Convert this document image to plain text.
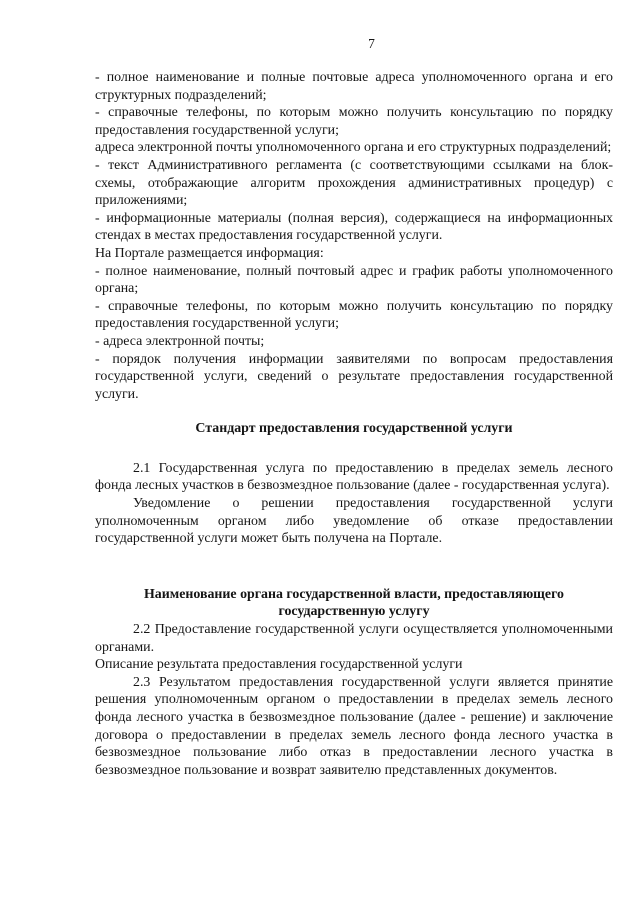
7

- полное наименование и полные почтовые адреса уполномоченного органа и его структурных подразделений;

- справочные телефоны, по которым можно получить консультацию по порядку предоставления государственной услуги;

адреса электронной почты уполномоченного органа и его структурных подразделений;

- текст Административного регламента (с соответствующими ссылками на блок-схемы, отображающие алгоритм прохождения административных процедур) с приложениями;

- информационные материалы (полная версия), содержащиеся на информационных стендах в местах предоставления государственной услуги.

На Портале размещается информация:

- полное наименование, полный почтовый адрес и график работы уполномоченного органа;

- справочные телефоны, по которым можно получить консультацию по порядку предоставления государственной услуги;

- адреса электронной почты;

- порядок получения информации заявителями по вопросам предоставления государственной услуги, сведений о результате предоставления государственной услуги.

Стандарт предоставления государственной услуги

2.1 Государственная услуга по предоставлению в пределах земель лесного фонда лесных участков в безвозмездное пользование (далее - государственная услуга).

Уведомление о решении предоставления государственной услуги уполномоченным органом либо уведомление об отказе предоставлении государственной услуги может быть получена на Портале.

Наименование органа государственной власти, предоставляющего государственную услугу

2.2 Предоставление государственной услуги осуществляется уполномоченными органами.

Описание результата предоставления государственной услуги

2.3 Результатом предоставления государственной услуги является принятие решения уполномоченным органом о предоставлении в пределах земель лесного фонда лесного участка в безвозмездное пользование (далее - решение) и заключение договора о предоставлении в пределах земель лесного фонда лесного участка в безвозмездное пользование либо отказ в предоставлении лесного участка в безвозмездное пользование и возврат заявителю представленных документов.
